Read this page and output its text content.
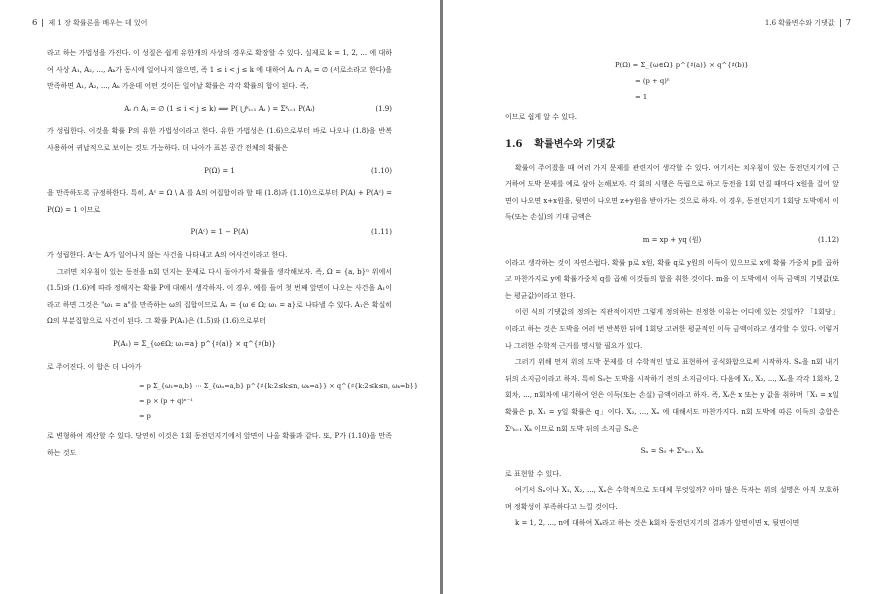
6 제 1 장 확률론을 배우는 데 있어

라고 하는 가법성을 가진다. 이 성질은 쉽게 유한개의 사상의 경우로 확장할 수 있다. 실제로 k = 1, 2, ... 에 대하여 사상 A₁, A₂, ..., Aₖ가 동시에 일어나지 않으면, 즉 1 ≤ i < j ≤ k 에 대하여 Aᵢ ∩ Aⱼ = ∅ (서로소라고 한다)을 만족하면 A₁, A₂, ..., Aₖ 가운데 어떤 것이든 일어날 확률은 각각 확률의 합이 된다. 즉,

Aᵢ ∩ Aⱼ = ∅ (1 ≤ i < j ≤ k) ⟹ P( ⋃ᵏᵢ₌₁ Aᵢ ) = Σᵏᵢ₌₁ P(Aᵢ)	(1.9)

가 성립한다. 이것을 확률 P의 유한 가법성이라고 한다. 유한 가법성은 (1.6)으로부터 바로 나오나 (1.8)을 반복 사용하여 귀납적으로 보이는 것도 가능하다. 더 나아가 표본 공간 전체의 확률은

P(Ω) = 1	(1.10)

을 만족하도록 규정하한다. 특히, Aᶜ = Ω \ A 를 A의 여집합이라 할 때 (1.8)과 (1.10)으로부터 P(A) + P(Aᶜ) = P(Ω) = 1 이므로

P(Aᶜ) = 1 − P(A)	(1.11)

가 성립한다. Aᶜ는 A가 일어나지 않는 사건을 나타내고 A의 여사건이라고 한다.

그러면 치우침이 있는 동전을 n회 던지는 문제로 다시 돌아가서 확률을 생각해보자. 즉, Ω = {a, b}ⁿ 위에서 (1.5)와 (1.6)에 따라 정해지는 확률 P에 대해서 생각하자. 이 경우, 예를 들어 첫 번째 앞면이 나오는 사건을 A₁이라고 하면 그것은 "ω₁ = a"를 만족하는 ω의 집합이므로 A₁ = {ω ∈ Ω; ω₁ = a}로 나타낼 수 있다. A₁은 확실히 Ω의 부분집합으로 사건이 된다. 그 확률 P(A₁)은 (1.5)와 (1.6)으로부터

P(A₁) = Σ_{ω∈Ω; ω₁=a} p^{♯(a)} × q^{♯(b)}

로 주어진다. 이 합은 더 나아가

= p Σ_{ω₁=a,b} ⋯ Σ_{ωₙ=a,b} p^{♯{k:2≤k≤n, ωₖ=a}} × q^{♯{k:2≤k≤n, ωₖ=b}}
= p × (p + q)ⁿ⁻¹
= p

로 변형하여 계산할 수 있다. 당연히 이것은 1회 동전던지기에서 앞면이 나올 확률과 같다. 또, P가 (1.10)을 만족하는 것도

1.6 확률변수와 기댓값 7
P(Ω) = Σ_{ω∈Ω} p^{♯(a)} × q^{♯(b)}
= (p + q)ⁿ
= 1

이므로 쉽게 알 수 있다.

1.6 확률변수와 기댓값

확률이 주어졌을 때 여러 가지 문제를 관련지어 생각할 수 있다. 여기서는 치우침이 있는 동전던지기에 근거하여 도박 문제를 예로 삼아 논해보자. 각 회의 시행은 독립으로 하고 동전을 1회 던질 때마다 x원을 걸어 앞면이 나오면 x+x원을, 뒷면이 나오면 z+y원을 받아가는 것으로 하자. 이 경우, 동전던지기 1회당 도박에서 이득(또는 손실)의 기대 금액은

m = xp + yq (원)	(1.12)

이라고 생각하는 것이 자연스럽다. 확률 p로 x원, 확률 q로 y원의 이득이 있으므로 x에 확률 가중치 p를 곱하고 마찬가지로 y에 확률가중치 q를 곱해 이것들의 합을 취한 것이다. m을 이 도박에서 이득 금액의 기댓값(또는 평균값)이라고 한다.

이런 식의 기댓값의 정의는 직관적이지만 그렇게 정의하는 진정한 이유는 어디에 있는 것일까? 「1회당」이라고 하는 것은 도박을 여러 번 반복한 뒤에 1회당 고려한 평균적인 이득 금액이라고 생각할 수 있다. 어렇거나 그러한 수학적 근거를 명시할 필요가 있다.

그러기 위해 먼저 위의 도박 문제를 더 수학적인 말로 표현하여 공식화합으로써 시작하자. Sₙ을 n회 내기 뒤의 소지금이라고 하자. 특히 S₀는 도박을 시작하기 전의 소지금이다. 다음에 X₁, X₂, ..., Xₙ을 각각 1회차, 2회차, ..., n회차에 내기하여 얻은 이득(또는 손실) 금액이라고 하자. 즉, Xᵢ은 x 또는 y 값을 취하며「X₁ = x일 확률은 p, X₁ = y일 확률은 q」이다. X₂, ..., Xₙ 에 대해서도 마찬가지다. n회 도박에 따른 이득의 총합은 Σⁿₖ₌₁ Xₖ 이므로 n회 도박 뒤의 소지금 Sₙ은

Sₙ = S₀ + Σⁿₖ₌₁ Xₖ

로 표현할 수 있다.

여기서 Sₙ이나 X₁, X₂, ..., Xₙ은 수학적으로 도대체 무엇일까? 아마 많은 독자는 위의 설명은 아직 모호하며 정확성이 부족하다고 느낄 것이다.

k = 1, 2, ..., n에 대하여 Xₖ라고 하는 것은 k회차 동전던지기의 결과가 앞면이면 x, 뒷면이면
